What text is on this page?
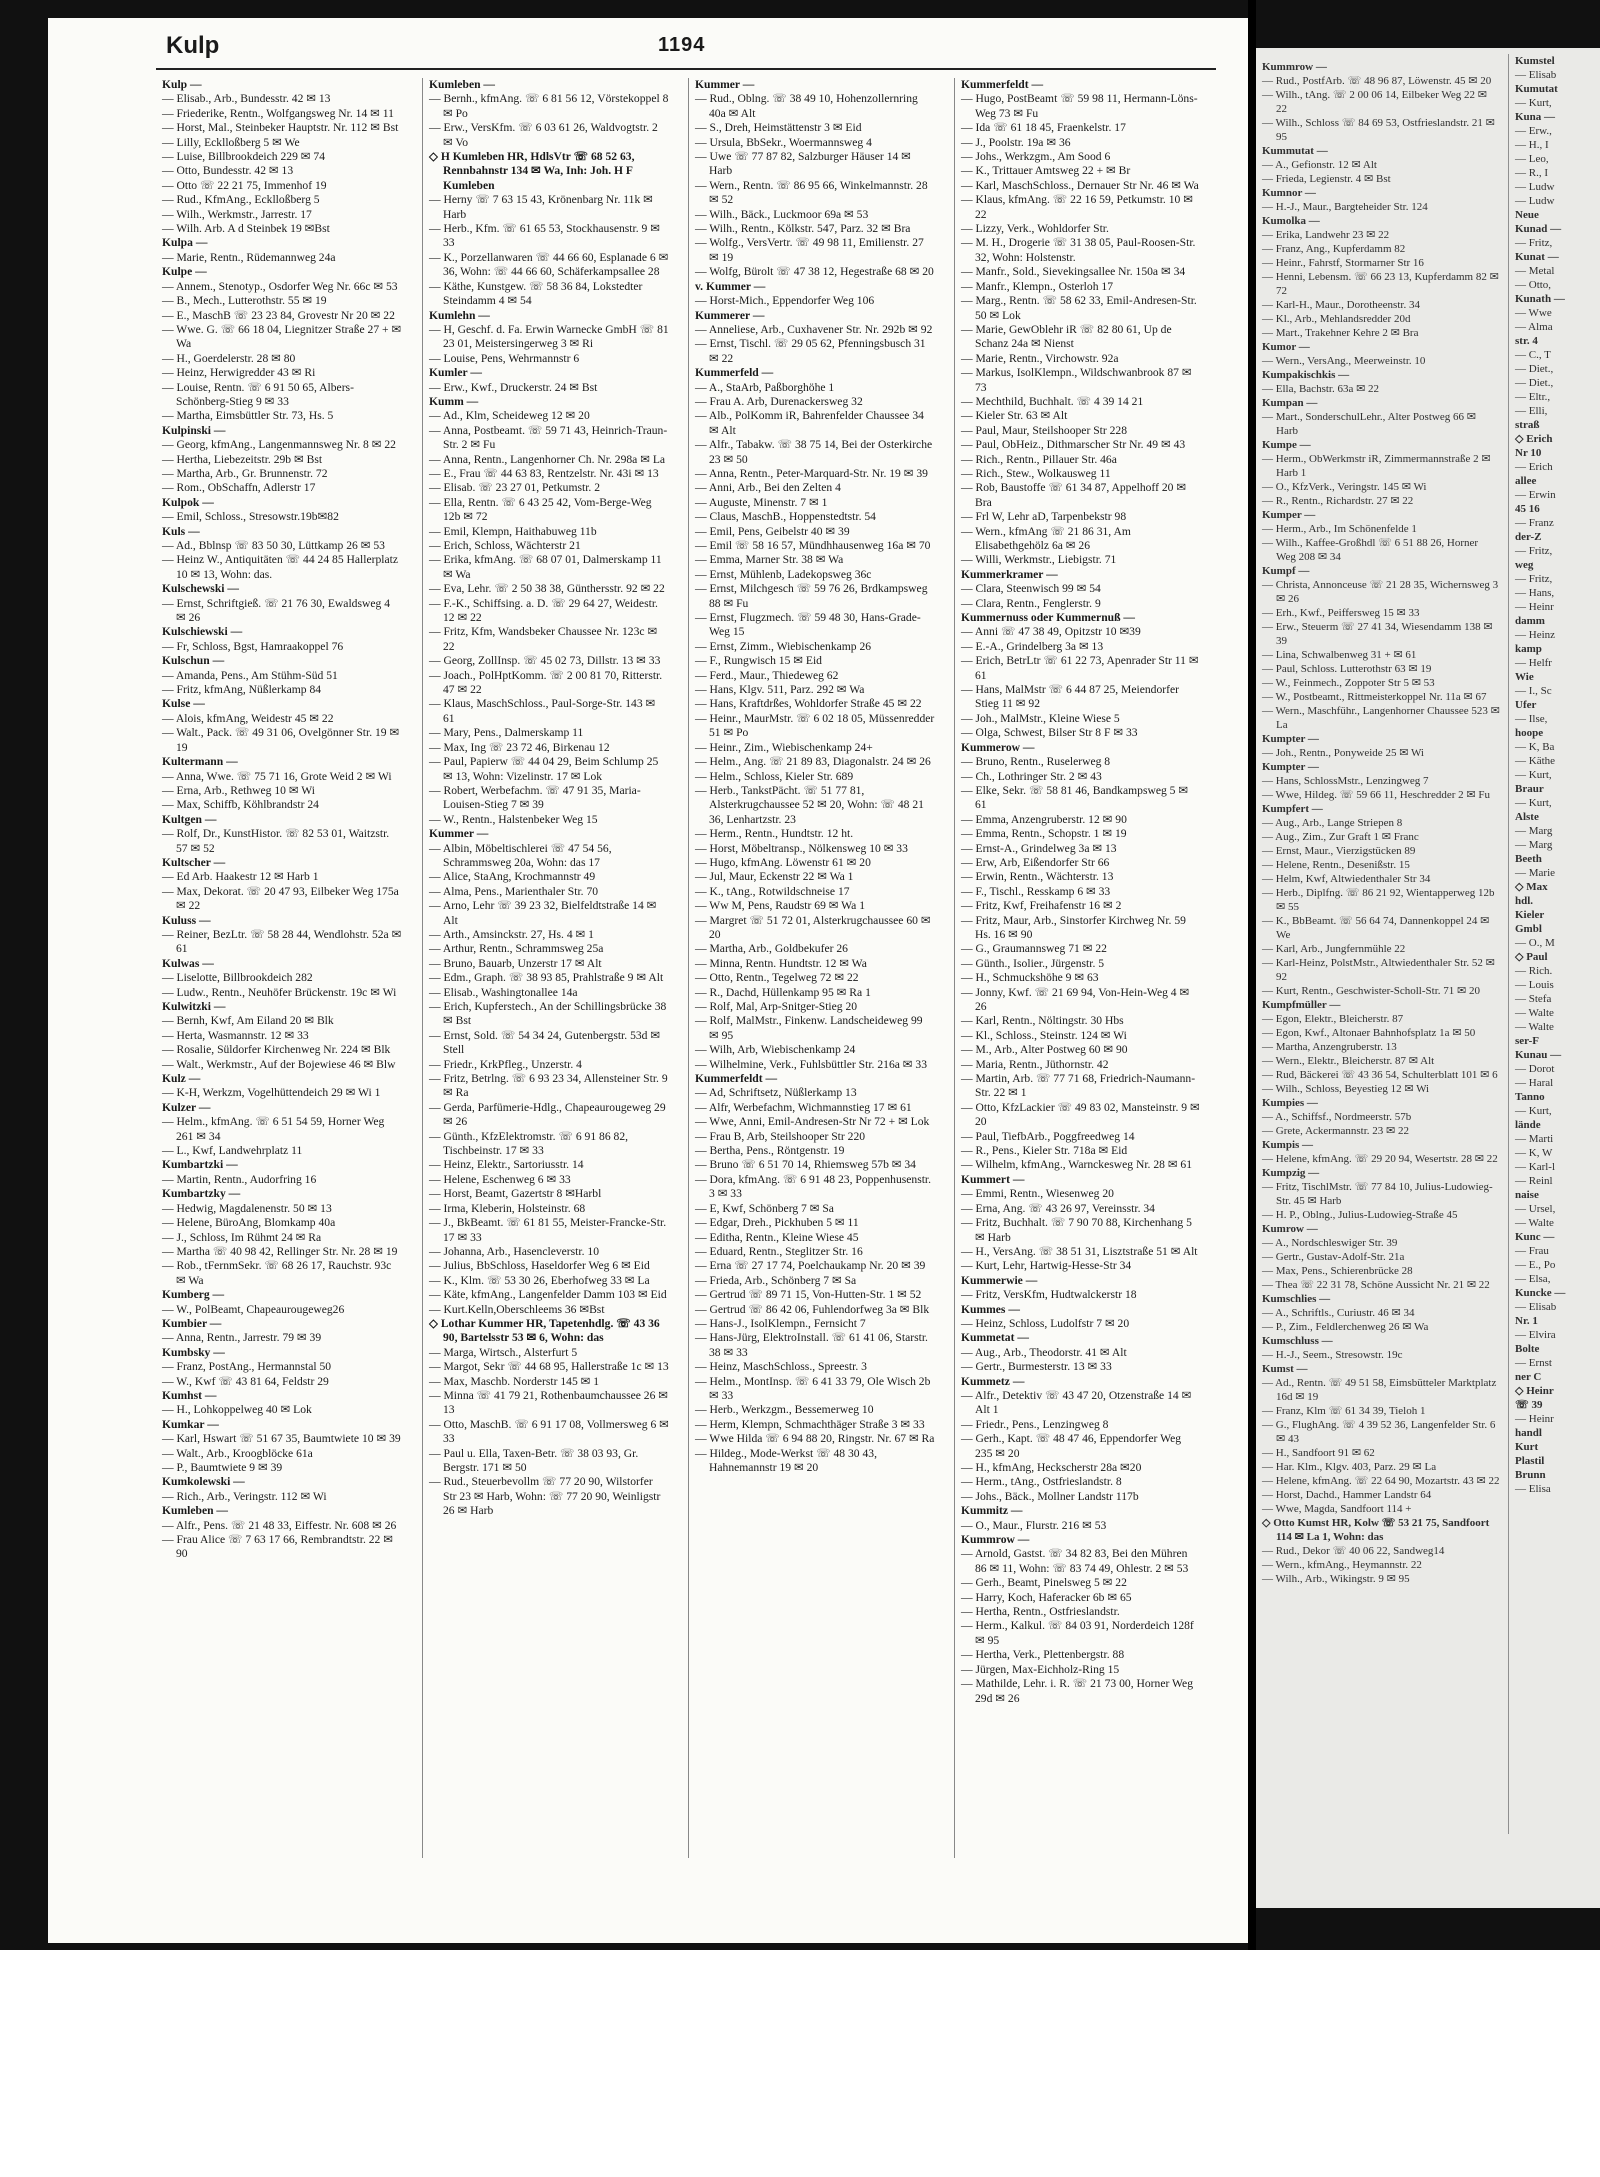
Kulp	1194

Kulp —

— Elisab., Arb., Bundesstr. 42 ✉ 13

— Friederike, Rentn., Wolfgangsweg Nr. 14 ✉ 11

— Horst, Mal., Steinbeker Hauptstr. Nr. 112 ✉ Bst

— Lilly, Ecklloßberg 5 ✉ We

— Luise, Billbrookdeich 229 ✉ 74

— Otto, Bundesstr. 42 ✉ 13

— Otto ☏ 22 21 75, Immenhof 19

— Rud., KfmAng., Ecklloßberg 5

— Wilh., Werkmstr., Jarrestr. 17

— Wilh. Arb. A d Steinbek 19 ✉Bst

Kulpa —

— Marie, Rentn., Rüdemannweg 24a

Kulpe —

— Annem., Stenotyp., Osdorfer Weg Nr. 66c ✉ 53

— B., Mech., Lutterothstr. 55 ✉ 19

— E., MaschB ☏ 23 23 84, Grovestr Nr 20 ✉ 22

— Wwe. G. ☏ 66 18 04, Liegnitzer Straße 27 + ✉ Wa

— H., Goerdelerstr. 28 ✉ 80

— Heinz, Herwigredder 43 ✉ Ri

— Louise, Rentn. ☏ 6 91 50 65, Albers-Schönberg-Stieg 9 ✉ 33

— Martha, Eimsbüttler Str. 73, Hs. 5

Kulpinski —

— Georg, kfmAng., Langenmannsweg Nr. 8 ✉ 22

— Hertha, Liebezeitstr. 29b ✉ Bst

— Martha, Arb., Gr. Brunnenstr. 72

— Rom., ObSchaffn, Adlerstr 17

Kulpok —

— Emil, Schloss., Stresowstr.19b✉82

Kuls —

— Ad., Bblnsp ☏ 83 50 30, Lüttkamp 26 ✉ 53

— Heinz W., Antiquitäten ☏ 44 24 85 Hallerplatz 10 ✉ 13, Wohn: das.

Kulschewski —

— Ernst, Schriftgieß. ☏ 21 76 30, Ewaldsweg 4 ✉ 26

Kulschiewski —

— Fr, Schloss, Bgst, Hamraakoppel 76

Kulschun —

— Amanda, Pens., Am Stühm-Süd 51

— Fritz, kfmAng, Nüßlerkamp 84

Kulse —

— Alois, kfmAng, Weidestr 45 ✉ 22

— Walt., Pack. ☏ 49 31 06, Ovelgönner Str. 19 ✉ 19

Kultermann —

— Anna, Wwe. ☏ 75 71 16, Grote Weid 2 ✉ Wi

— Erna, Arb., Rethweg 10 ✉ Wi

— Max, Schiffb, Köhlbrandstr 24

Kultgen —

— Rolf, Dr., KunstHistor. ☏ 82 53 01, Waitzstr. 57 ✉ 52

Kultscher —

— Ed Arb. Haakestr 12 ✉ Harb 1

— Max, Dekorat. ☏ 20 47 93, Eilbeker Weg 175a ✉ 22

Kuluss —

— Reiner, BezLtr. ☏ 58 28 44, Wendlohstr. 52a ✉ 61

Kulwas —

— Liselotte, Billbrookdeich 282

— Ludw., Rentn., Neuhöfer Brückenstr. 19c ✉ Wi

Kulwitzki —

— Bernh, Kwf, Am Eiland 20 ✉ Blk

— Herta, Wasmannstr. 12 ✉ 33

— Rosalie, Süldorfer Kirchenweg Nr. 224 ✉ Blk

— Walt., Werkmstr., Auf der Bojewiese 46 ✉ Blw

Kulz —

— K-H, Werkzm, Vogelhüttendeich 29 ✉ Wi 1

Kulzer —

— Helm., kfmAng. ☏ 6 51 54 59, Horner Weg 261 ✉ 34

— L., Kwf, Landwehrplatz 11

Kumbartzki —

— Martin, Rentn., Audorfring 16

Kumbartzky —

— Hedwig, Magdalenenstr. 50 ✉ 13

— Helene, BüroAng, Blomkamp 40a

— J., Schloss, Im Rühmt 24 ✉ Ra

— Martha ☏ 40 98 42, Rellinger Str. Nr. 28 ✉ 19

— Rob., tFernmSekr. ☏ 68 26 17, Rauchstr. 93c ✉ Wa

Kumberg —

— W., PolBeamt, Chapeaurougeweg26

Kumbier —

— Anna, Rentn., Jarrestr. 79 ✉ 39

Kumbsky —

— Franz, PostAng., Hermannstal 50

— W., Kwf ☏ 43 81 64, Feldstr 29

Kumhst —

— H., Lohkoppelweg 40 ✉ Lok

Kumkar —

— Karl, Hswart ☏ 51 67 35, Baumtwiete 10 ✉ 39

— Walt., Arb., Kroogblöcke 61a

— P., Baumtwiete 9 ✉ 39

Kumkolewski —

— Rich., Arb., Veringstr. 112 ✉ Wi

Kumleben —

— Alfr., Pens. ☏ 21 48 33, Eiffestr. Nr. 608 ✉ 26

— Frau Alice ☏ 7 63 17 66, Rembrandtstr. 22 ✉ 90

Kumleben —

— Bernh., kfmAng. ☏ 6 81 56 12, Vörstekoppel 8 ✉ Po

— Erw., VersKfm. ☏ 6 03 61 26, Waldvogtstr. 2 ✉ Vo

◇ H Kumleben HR, HdlsVtr ☏ 68 52 63, Rennbahnstr 134 ✉ Wa, Inh: Joh. H F Kumleben

— Herny ☏ 7 63 15 43, Krönenbarg Nr. 11k ✉ Harb

— Herb., Kfm. ☏ 61 65 53, Stockhausenstr. 9 ✉ 33

— K., Porzellanwaren ☏ 44 66 60, Esplanade 6 ✉ 36, Wohn: ☏ 44 66 60, Schäferkampsallee 28

— Käthe, Kunstgew. ☏ 58 36 84, Lokstedter Steindamm 4 ✉ 54

Kumlehn —

— H, Geschf. d. Fa. Erwin Warnecke GmbH ☏ 81 23 01, Meistersingerweg 3 ✉ Ri

— Louise, Pens, Wehrmannstr 6

Kumler —

— Erw., Kwf., Druckerstr. 24 ✉ Bst

Kumm —

— Ad., Klm, Scheideweg 12 ✉ 20

— Anna, Postbeamt. ☏ 59 71 43, Heinrich-Traun-Str. 2 ✉ Fu

— Anna, Rentn., Langenhorner Ch. Nr. 298a ✉ La

— E., Frau ☏ 44 63 83, Rentzelstr. Nr. 43i ✉ 13

— Elisab. ☏ 23 27 01, Petkumstr. 2

— Ella, Rentn. ☏ 6 43 25 42, Vom-Berge-Weg 12b ✉ 72

— Emil, Klempn, Haithabuweg 11b

— Erich, Schloss, Wächterstr 21

— Erika, kfmAng. ☏ 68 07 01, Dalmerskamp 11 ✉ Wa

— Eva, Lehr. ☏ 2 50 38 38, Günthersstr. 92 ✉ 22

— F.-K., Schiffsing. a. D. ☏ 29 64 27, Weidestr. 12 ✉ 22

— Fritz, Kfm, Wandsbeker Chaussee Nr. 123c ✉ 22

— Georg, ZollInsp. ☏ 45 02 73, Dillstr. 13 ✉ 33

— Joach., PolHptKomm. ☏ 2 00 81 70, Ritterstr. 47 ✉ 22

— Klaus, MaschSchloss., Paul-Sorge-Str. 143 ✉ 61

— Mary, Pens., Dalmerskamp 11

— Max, Ing ☏ 23 72 46, Birkenau 12

— Paul, Papierw ☏ 44 04 29, Beim Schlump 25 ✉ 13, Wohn: Vizelinstr. 17 ✉ Lok

— Robert, Werbefachm. ☏ 47 91 35, Maria-Louisen-Stieg 7 ✉ 39

— W., Rentn., Halstenbeker Weg 15

Kummer —

— Albin, Möbeltischlerei ☏ 47 54 56, Schrammsweg 20a, Wohn: das 17

— Alice, StaAng, Krochmannstr 49

— Alma, Pens., Marienthaler Str. 70

— Arno, Lehr ☏ 39 23 32, Bielfeldtstraße 14 ✉ Alt

— Arth., Amsinckstr. 27, Hs. 4 ✉ 1

— Arthur, Rentn., Schrammsweg 25a

— Bruno, Bauarb, Unzerstr 17 ✉ Alt

— Edm., Graph. ☏ 38 93 85, Prahlstraße 9 ✉ Alt

— Elisab., Washingtonallee 14a

— Erich, Kupferstech., An der Schillingsbrücke 38 ✉ Bst

— Ernst, Sold. ☏ 54 34 24, Gutenbergstr. 53d ✉ Stell

— Friedr., KrkPfleg., Unzerstr. 4

— Fritz, Betrlng. ☏ 6 93 23 34, Allensteiner Str. 9 ✉ Ra

— Gerda, Parfümerie-Hdlg., Chapeaurougeweg 29 ✉ 26

— Günth., KfzElektromstr. ☏ 6 91 86 82, Tischbeinstr. 17 ✉ 33

— Heinz, Elektr., Sartoriusstr. 14

— Helene, Eschenweg 6 ✉ 33

— Horst, Beamt, Gazertstr 8 ✉Harbl

— Irma, Kleberin, Holsteinstr. 68

— J., BkBeamt. ☏ 61 81 55, Meister-Francke-Str. 17 ✉ 33

— Johanna, Arb., Hasencleverstr. 10

— Julius, BbSchloss, Haseldorfer Weg 6 ✉ Eid

— K., Klm. ☏ 53 30 26, Eberhofweg 33 ✉ La

— Käte, kfmAng., Langenfelder Damm 103 ✉ Eid

— Kurt.Kelln,Oberschleems 36 ✉Bst

◇ Lothar Kummer HR, Tapetenhdlg. ☏ 43 36 90, Bartelsstr 53 ✉ 6, Wohn: das

— Marga, Wirtsch., Alsterfurt 5

— Margot, Sekr ☏ 44 68 95, Hallerstraße 1c ✉ 13

— Max, Maschb. Norderstr 145 ✉ 1

— Minna ☏ 41 79 21, Rothenbaumchaussee 26 ✉ 13

— Otto, MaschB. ☏ 6 91 17 08, Vollmersweg 6 ✉ 33

— Paul u. Ella, Taxen-Betr. ☏ 38 03 93, Gr. Bergstr. 171 ✉ 50

— Rud., Steuerbevollm ☏ 77 20 90, Wilstorfer Str 23 ✉ Harb, Wohn: ☏ 77 20 90, Weinligstr 26 ✉ Harb

Kummer —

— Rud., Oblng. ☏ 38 49 10, Hohenzollernring 40a ✉ Alt

— S., Dreh, Heimstättenstr 3 ✉ Eid

— Ursula, BbSekr., Woermannsweg 4

— Uwe ☏ 77 87 82, Salzburger Häuser 14 ✉ Harb

— Wern., Rentn. ☏ 86 95 66, Winkelmannstr. 28 ✉ 52

— Wilh., Bäck., Luckmoor 69a ✉ 53

— Wilh., Rentn., Kölkstr. 547, Parz. 32 ✉ Bra

— Wolfg., VersVertr. ☏ 49 98 11, Emilienstr. 27 ✉ 19

— Wolfg, Bürolt ☏ 47 38 12, Hegestraße 68 ✉ 20

v. Kummer —

— Horst-Mich., Eppendorfer Weg 106

Kummerer —

— Anneliese, Arb., Cuxhavener Str. Nr. 292b ✉ 92

— Ernst, Tischl. ☏ 29 05 62, Pfenningsbusch 31 ✉ 22

Kummerfeld —

— A., StaArb, Paßborghöhe 1

— Frau A. Arb, Durenackersweg 32

— Alb., PolKomm iR, Bahrenfelder Chaussee 34 ✉ Alt

— Alfr., Tabakw. ☏ 38 75 14, Bei der Osterkirche 23 ✉ 50

— Anna, Rentn., Peter-Marquard-Str. Nr. 19 ✉ 39

— Anni, Arb., Bei den Zelten 4

— Auguste, Minenstr. 7 ✉ 1

— Claus, MaschB., Hoppenstedtstr. 54

— Emil, Pens, Geibelstr 40 ✉ 39

— Emil ☏ 58 16 57, Mündhhausenweg 16a ✉ 70

— Emma, Marner Str. 38 ✉ Wa

— Ernst, Mühlenb, Ladekopsweg 36c

— Ernst, Milchgesch ☏ 59 76 26, Brdkampsweg 88 ✉ Fu

— Ernst, Flugzmech. ☏ 59 48 30, Hans-Grade-Weg 15

— Ernst, Zimm., Wiebischenkamp 26

— F., Rungwisch 15 ✉ Eid

— Ferd., Maur., Thiedeweg 62

— Hans, Klgv. 511, Parz. 292 ✉ Wa

— Hans, Kraftdrßes, Wohldorfer Straße 45 ✉ 22

— Heinr., MaurMstr. ☏ 6 02 18 05, Müssenredder 51 ✉ Po

— Heinr., Zim., Wiebischenkamp 24+

— Helm., Ang. ☏ 21 89 83, Diagonalstr. 24 ✉ 26

— Helm., Schloss, Kieler Str. 689

— Herb., TankstPächt. ☏ 51 77 81, Alsterkrugchaussee 52 ✉ 20, Wohn: ☏ 48 21 36, Lenhartzstr. 23

— Herm., Rentn., Hundtstr. 12 ht.

— Horst, Möbeltransp., Nölkensweg 10 ✉ 33

— Hugo, kfmAng. Löwenstr 61 ✉ 20

— Jul, Maur, Eckenstr 22 ✉ Wa 1

— K., tAng., Rotwildschneise 17

— Ww M, Pens, Raudstr 69 ✉ Wa 1

— Margret ☏ 51 72 01, Alsterkrugchaussee 60 ✉ 20

— Martha, Arb., Goldbekufer 26

— Minna, Rentn. Hundtstr. 12 ✉ Wa

— Otto, Rentn., Tegelweg 72 ✉ 22

— R., Dachd, Hüllenkamp 95 ✉ Ra 1

— Rolf, Mal, Arp-Snitger-Stieg 20

— Rolf, MalMstr., Finkenw. Landscheideweg 99 ✉ 95

— Wilh, Arb, Wiebischenkamp 24

— Wilhelmine, Verk., Fuhlsbüttler Str. 216a ✉ 33

Kummerfeldt —

— Ad, Schriftsetz, Nüßlerkamp 13

— Alfr, Werbefachm, Wichmannstieg 17 ✉ 61

— Wwe, Anni, Emil-Andresen-Str Nr 72 + ✉ Lok

— Frau B, Arb, Steilshooper Str 220

— Bertha, Pens., Röntgenstr. 19

— Bruno ☏ 6 51 70 14, Rhiemsweg 57b ✉ 34

— Dora, kfmAng. ☏ 6 91 48 23, Poppenhusenstr. 3 ✉ 33

— E, Kwf, Schönberg 7 ✉ Sa

— Edgar, Dreh., Pickhuben 5 ✉ 11

— Editha, Rentn., Kleine Wiese 45

— Eduard, Rentn., Steglitzer Str. 16

— Erna ☏ 27 17 74, Poelchaukamp Nr. 20 ✉ 39

— Frieda, Arb., Schönberg 7 ✉ Sa

— Gertrud ☏ 89 71 15, Von-Hutten-Str. 1 ✉ 52

— Gertrud ☏ 86 42 06, Fuhlendorfweg 3a ✉ Blk

— Hans-J., IsolKlempn., Fernsicht 7

— Hans-Jürg, ElektroInstall. ☏ 61 41 06, Starstr. 38 ✉ 33

— Heinz, MaschSchloss., Spreestr. 3

— Helm., MontInsp. ☏ 6 41 33 79, Ole Wisch 2b ✉ 33

— Herb., Werkzgm., Bessemerweg 10

— Herm, Klempn, Schmachthäger Straße 3 ✉ 33

— Wwe Hilda ☏ 6 94 88 20, Ringstr. Nr. 67 ✉ Ra

— Hildeg., Mode-Werkst ☏ 48 30 43, Hahnemannstr 19 ✉ 20

Kummerfeldt —

— Hugo, PostBeamt ☏ 59 98 11, Hermann-Löns-Weg 73 ✉ Fu

— Ida ☏ 61 18 45, Fraenkelstr. 17

— J., Poolstr. 19a ✉ 36

— Johs., Werkzgm., Am Sood 6

— K., Trittauer Amtsweg 22 + ✉ Br

— Karl, MaschSchloss., Dernauer Str Nr. 46 ✉ Wa

— Klaus, kfmAng. ☏ 22 16 59, Petkumstr. 10 ✉ 22

— Lizzy, Verk., Wohldorfer Str.

— M. H., Drogerie ☏ 31 38 05, Paul-Roosen-Str. 32, Wohn: Holstenstr.

— Manfr., Sold., Sievekingsallee Nr. 150a ✉ 34

— Manfr., Klempn., Osterloh 17

— Marg., Rentn. ☏ 58 62 33, Emil-Andresen-Str. 50 ✉ Lok

— Marie, GewOblehr iR ☏ 82 80 61, Up de Schanz 24a ✉ Nienst

— Marie, Rentn., Virchowstr. 92a

— Markus, IsolKlempn., Wildschwanbrook 87 ✉ 73

— Mechthild, Buchhalt. ☏ 4 39 14 21

— Kieler Str. 63 ✉ Alt

— Paul, Maur, Steilshooper Str 228

— Paul, ObHeiz., Dithmarscher Str Nr. 49 ✉ 43

— Rich., Rentn., Pillauer Str. 46a

— Rich., Stew., Wolkausweg 11

— Rob, Baustoffe ☏ 61 34 87, Appelhoff 20 ✉ Bra

— Frl W, Lehr aD, Tarpenbekstr 98

— Wern., kfmAng ☏ 21 86 31, Am Elisabethgehölz 6a ✉ 26

— Willi, Werkmstr., Liebigstr. 71

Kummerkramer —

— Clara, Steenwisch 99 ✉ 54

— Clara, Rentn., Fenglerstr. 9

Kummernuss oder Kummernuß —

— Anni ☏ 47 38 49, Opitzstr 10 ✉39

— E.-A., Grindelberg 3a ✉ 13

— Erich, BetrLtr ☏ 61 22 73, Apenrader Str 11 ✉ 61

— Hans, MalMstr ☏ 6 44 87 25, Meiendorfer Stieg 11 ✉ 92

— Joh., MalMstr., Kleine Wiese 5

— Olga, Schwest, Bilser Str 8 F ✉ 33

Kummerow —

— Bruno, Rentn., Ruselerweg 8

— Ch., Lothringer Str. 2 ✉ 43

— Elke, Sekr. ☏ 58 81 46, Bandkampsweg 5 ✉ 61

— Emma, Anzengruberstr. 12 ✉ 90

— Emma, Rentn., Schopstr. 1 ✉ 19

— Ernst-A., Grindelweg 3a ✉ 13

— Erw, Arb, Eißendorfer Str 66

— Erwin, Rentn., Wächterstr. 13

— F., Tischl., Resskamp 6 ✉ 33

— Fritz, Kwf, Freihafenstr 16 ✉ 2

— Fritz, Maur, Arb., Sinstorfer Kirchweg Nr. 59 Hs. 16 ✉ 90

— G., Graumannsweg 71 ✉ 22

— Günth., Isolier., Jürgenstr. 5

— H., Schmuckshöhe 9 ✉ 63

— Jonny, Kwf. ☏ 21 69 94, Von-Hein-Weg 4 ✉ 26

— Karl, Rentn., Nöltingstr. 30 Hbs

— Kl., Schloss., Steinstr. 124 ✉ Wi

— M., Arb., Alter Postweg 60 ✉ 90

— Maria, Rentn., Jüthornstr. 42

— Martin, Arb. ☏ 77 71 68, Friedrich-Naumann-Str. 22 ✉ 1

— Otto, KfzLackier ☏ 49 83 02, Mansteinstr. 9 ✉ 20

— Paul, TiefbArb., Poggfreedweg 14

— R., Pens., Kieler Str. 718a ✉ Eid

— Wilhelm, kfmAng., Warnckesweg Nr. 28 ✉ 61

Kummert —

— Emmi, Rentn., Wiesenweg 20

— Erna, Ang. ☏ 43 26 97, Vereinsstr. 34

— Fritz, Buchhalt. ☏ 7 90 70 88, Kirchenhang 5 ✉ Harb

— H., VersAng. ☏ 38 51 31, Lisztstraße 51 ✉ Alt

— Kurt, Lehr, Hartwig-Hesse-Str 34

Kummerwie —

— Fritz, VersKfm, Hudtwalckerstr 18

Kummes —

— Heinz, Schloss, Ludolfstr 7 ✉ 20

Kummetat —

— Aug., Arb., Theodorstr. 41 ✉ Alt

— Gertr., Burmesterstr. 13 ✉ 33

Kummetz —

— Alfr., Detektiv ☏ 43 47 20, Otzenstraße 14 ✉ Alt 1

— Friedr., Pens., Lenzingweg 8

— Gerh., Kapt. ☏ 48 47 46, Eppendorfer Weg 235 ✉ 20

— H., kfmAng, Heckscherstr 28a ✉20

— Herm., tAng., Ostfrieslandstr. 8

— Johs., Bäck., Mollner Landstr 117b

Kummitz —

— O., Maur., Flurstr. 216 ✉ 53

Kummrow —

— Arnold, Gastst. ☏ 34 82 83, Bei den Mühren 86 ✉ 11, Wohn: ☏ 83 74 49, Ohlestr. 2 ✉ 53

— Gerh., Beamt, Pinelsweg 5 ✉ 22

— Harry, Koch, Haferacker 6b ✉ 65

— Hertha, Rentn., Ostfrieslandstr.

— Herm., Kalkul. ☏ 84 03 91, Norderdeich 128f ✉ 95

— Hertha, Verk., Plettenbergstr. 88

— Jürgen, Max-Eichholz-Ring 15

— Mathilde, Lehr. i. R. ☏ 21 73 00, Horner Weg 29d ✉ 26

Kummrow —

— Rud., PostfArb. ☏ 48 96 87, Löwenstr. 45 ✉ 20

— Wilh., tAng. ☏ 2 00 06 14, Eilbeker Weg 22 ✉ 22

— Wilh., Schloss ☏ 84 69 53, Ostfrieslandstr. 21 ✉ 95

Kummutat —

— A., Gefionstr. 12 ✉ Alt

— Frieda, Legienstr. 4 ✉ Bst

Kumnor —

— H.-J., Maur., Bargteheider Str. 124

Kumolka —

— Erika, Landwehr 23 ✉ 22

— Franz, Ang., Kupferdamm 82

— Heinr., Fahrstf, Stormarner Str 16

— Henni, Lebensm. ☏ 66 23 13, Kupferdamm 82 ✉ 72

— Karl-H., Maur., Dorotheenstr. 34

— Kl., Arb., Mehlandsredder 20d

— Mart., Trakehner Kehre 2 ✉ Bra

Kumor —

— Wern., VersAng., Meerweinstr. 10

Kumpakischkis —

— Ella, Bachstr. 63a ✉ 22

Kumpan —

— Mart., SonderschulLehr., Alter Postweg 66 ✉ Harb

Kumpe —

— Herm., ObWerkmstr iR, Zimmermannstraße 2 ✉ Harb 1

— O., KfzVerk., Veringstr. 145 ✉ Wi

— R., Rentn., Richardstr. 27 ✉ 22

Kumper —

— Herm., Arb., Im Schönenfelde 1

— Wilh., Kaffee-Großhdl ☏ 6 51 88 26, Horner Weg 208 ✉ 34

Kumpf —

— Christa, Annonceuse ☏ 21 28 35, Wichernsweg 3 ✉ 26

— Erh., Kwf., Peiffersweg 15 ✉ 33

— Erw., Steuerm ☏ 27 41 34, Wiesendamm 138 ✉ 39

— Lina, Schwalbenweg 31 + ✉ 61

— Paul, Schloss. Lutterothstr 63 ✉ 19

— W., Feinmech., Zoppoter Str 5 ✉ 53

— W., Postbeamt., Rittmeisterkoppel Nr. 11a ✉ 67

— Wern., Maschführ., Langenhorner Chaussee 523 ✉ La

Kumpter —

— Joh., Rentn., Ponyweide 25 ✉ Wi

Kumpter —

— Hans, SchlossMstr., Lenzingweg 7

— Wwe, Hildeg. ☏ 59 66 11, Heschredder 2 ✉ Fu

Kumpfert —

— Aug., Arb., Lange Striepen 8

— Aug., Zim., Zur Graft 1 ✉ Franc

— Ernst, Maur., Vierzigstücken 89

— Helene, Rentn., Desenißstr. 15

— Helm, Kwf, Altwiedenthaler Str 34

— Herb., Diplfng. ☏ 86 21 92, Wientapperweg 12b ✉ 55

— K., BbBeamt. ☏ 56 64 74, Dannenkoppel 24 ✉ We

— Karl, Arb., Jungfernmühle 22

— Karl-Heinz, PolstMstr., Altwiedenthaler Str. 52 ✉ 92

— Kurt, Rentn., Geschwister-Scholl-Str. 71 ✉ 20

Kumpfmüller —

— Egon, Elektr., Bleicherstr. 87

— Egon, Kwf., Altonaer Bahnhofsplatz 1a ✉ 50

— Martha, Anzengruberstr. 13

— Wern., Elektr., Bleicherstr. 87 ✉ Alt

— Rud, Bäckerei ☏ 43 36 54, Schulterblatt 101 ✉ 6

— Wilh., Schloss, Beyestieg 12 ✉ Wi

Kumpies —

— A., Schiffsf., Nordmeerstr. 57b

— Grete, Ackermannstr. 23 ✉ 22

Kumpis —

— Helene, kfmAng. ☏ 29 20 94, Wesertstr. 28 ✉ 22

Kumpzig —

— Fritz, TischlMstr. ☏ 77 84 10, Julius-Ludowieg-Str. 45 ✉ Harb

— H. P., Oblng., Julius-Ludowieg-Straße 45

Kumrow —

— A., Nordschleswiger Str. 39

— Gertr., Gustav-Adolf-Str. 21a

— Max, Pens., Schierenbrücke 28

— Thea ☏ 22 31 78, Schöne Aussicht Nr. 21 ✉ 22

Kumschlies —

— A., Schriftls., Curiustr. 46 ✉ 34

— P., Zim., Feldlerchenweg 26 ✉ Wa

Kumschluss —

— H.-J., Seem., Stresowstr. 19c

Kumst —

— Ad., Rentn. ☏ 49 51 58, Eimsbütteler Marktplatz 16d ✉ 19

— Franz, Klm ☏ 61 34 39, Tieloh 1

— G., FlughAng. ☏ 4 39 52 36, Langenfelder Str. 6 ✉ 43

— H., Sandfoort 91 ✉ 62

— Har. Klm., Klgv. 403, Parz. 29 ✉ La

— Helene, kfmAng. ☏ 22 64 90, Mozartstr. 43 ✉ 22

— Horst, Dachd., Hammer Landstr 64

— Wwe, Magda, Sandfoort 114 +

◇ Otto Kumst HR, Kolw ☏ 53 21 75, Sandfoort 114 ✉ La 1, Wohn: das

— Rud., Dekor ☏ 40 06 22, Sandweg14

— Wern., kfmAng., Heymannstr. 22

— Wilh., Arb., Wikingstr. 9 ✉ 95

Kumstel

— Elisab

Kumutat

— Kurt,

Kuna —

— Erw.,

— H., I

— Leo,

— R., I

— Ludw

— Ludw

Neue

Kunad —

— Fritz,

Kunat —

— Metal

— Otto,

Kunath —

— Wwe

— Alma

str. 4

— C., T

— Diet.,

— Diet.,

— Eltr.,

— Elli,

straß

◇ Erich

Nr 10

— Erich

allee

— Erwin

45 16

— Franz

der-Z

— Fritz,

weg

— Fritz,

— Hans,

— Heinr

damm

— Heinz

kamp

— Helfr

Wie

— I., Sc

Ufer

— Ilse,

hoope

— K, Ba

— Käthe

— Kurt,

Braur

— Kurt,

Alste

— Marg

— Marg

Beeth

— Marie

◇ Max

hdl.

Kieler

Gmbl

— O., M

◇ Paul

— Rich.

— Louis

— Stefa

— Walte

— Walte

ser-F

Kunau —

— Dorot

— Haral

Tanno

— Kurt,

lände

— Marti

— K, W

— Karl-l

— Reinl

naise

— Ursel,

— Walte

Kunc —

— Frau

— E., Po

— Elsa,

Kuncke —

— Elisab

Nr. 1

— Elvira

Bolte

— Ernst

ner C

◇ Heinr

☏ 39

— Heinr

handl

Kurt

Plastil

Brunn

— Elisa
